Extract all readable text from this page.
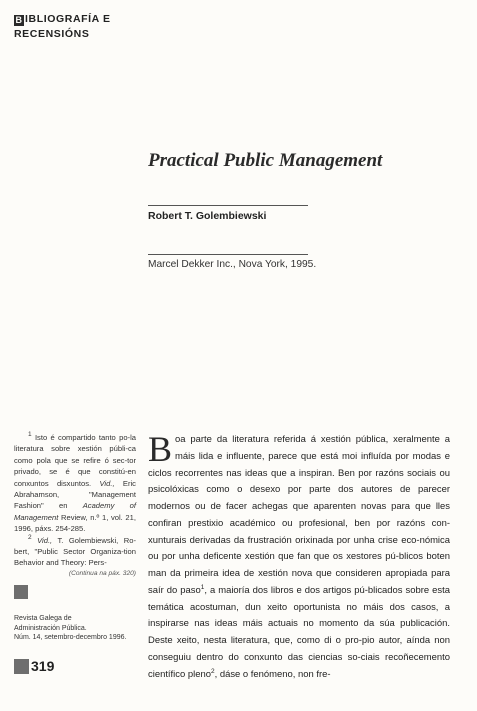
B IBLIOGRAFÍA E
RECENSIÓNS
Practical Public Management
Robert T. Golembiewski
Marcel Dekker Inc., Nova York, 1995.

$^1$ Isto é compartido tanto po-la literatura sobre xestión públi-ca como pola que se refire ó sec-tor privado, se é que constitú-en conxuntos disxuntos. Vid., Eric Abrahamson, "Management Fashion" en Academy of Management Review, n.º 1, vol. 21, 1996, páxs. 254-285.

$^2$ Vid., T. Golembiewski, Ro-bert, "Public Sector Organiza-tion Behavior and Theory: Pers-

(Continua na páx. 320)
Revista Galega de
Administración Pública.
Núm. 14, setembro-decembro 1996.
319

Boa parte da literatura referida á xestión pública, xeralmente a máis lida e influente, parece que está moi influída por modas e ciclos recorrentes nas ideas que a inspiran. Ben por razóns sociais ou psicolóxicas como o desexo por parte dos autores de parecer modernos ou de facer achegas que aparenten novas para que lles confiran prestixio académico ou profesional, ben por razóns con-xunturais derivadas da frustración orixinada por unha crise eco-nómica ou por unha deficente xestión que fan que os xestores pú-blicos boten man da primeira idea de xestión nova que consideren apropiada para saír do paso$^1$, a maioría dos libros e dos artigos pú-blicados sobre esta temática acostuman, dun xeito oportunista no máis dos casos, a inspirarse nas ideas máis actuais no momento da súa publicación. Deste xeito, nesta literatura, que, como di o pro-pio autor, aínda non conseguiu dentro do conxunto das ciencias so-ciais recoñecemento científico pleno$^2$, dáse o fenómeno, non fre-
